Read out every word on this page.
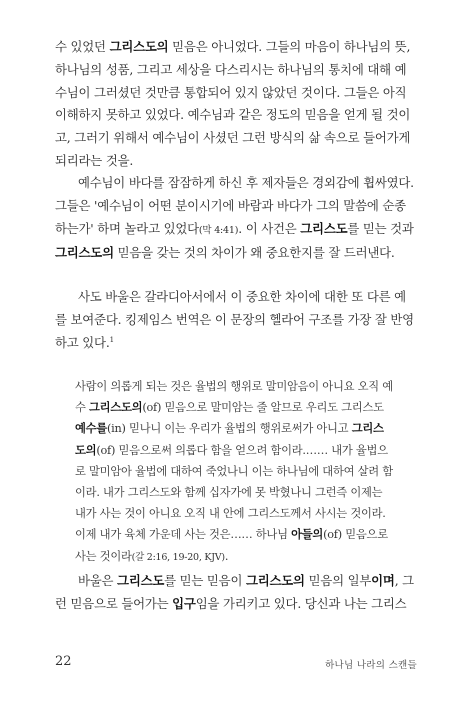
수 있었던 그리스도의 믿음은 아니었다. 그들의 마음이 하나님의 뜻, 하나님의 성품, 그리고 세상을 다스리시는 하나님의 통치에 대해 예수님이 그러셨던 것만큼 통합되어 있지 않았던 것이다. 그들은 아직 이해하지 못하고 있었다. 예수님과 같은 정도의 믿음을 얻게 될 것이고, 그러기 위해서 예수님이 사셨던 그런 방식의 삶 속으로 들어가게 되리라는 것을.

예수님이 바다를 잠잠하게 하신 후 제자들은 경외감에 휩싸였다. 그들은 '예수님이 어떤 분이시기에 바람과 바다가 그의 말씀에 순종하는가' 하며 놀라고 있었다(막 4:41). 이 사건은 그리스도를 믿는 것과 그리스도의 믿음을 갖는 것의 차이가 왜 중요한지를 잘 드러낸다.

사도 바울은 갈라디아서에서 이 중요한 차이에 대한 또 다른 예를 보여준다. 킹제임스 번역은 이 문장의 헬라어 구조를 가장 잘 반영하고 있다.$^1$

사람이 의롭게 되는 것은 율법의 행위로 말미암음이 아니요 오직 예수 그리스도의(of) 믿음으로 말미암는 줄 알므로 우리도 그리스도 예수를(in) 믿나니 이는 우리가 율법의 행위로써가 아니고 그리스도의(of) 믿음으로써 의롭다 함을 얻으려 함이라.…… 내가 율법으로 말미암아 율법에 대하여 죽었나니 이는 하나님에 대하여 살려 함이라. 내가 그리스도와 함께 십자가에 못 박혔나니 그런즉 이제는 내가 사는 것이 아니요 오직 내 안에 그리스도께서 사시는 것이라. 이제 내가 육체 가운데 사는 것은…… 하나님 아들의(of) 믿음으로 사는 것이라(갈 2:16, 19-20, KJV).

바울은 그리스도를 믿는 믿음이 그리스도의 믿음의 일부이며, 그런 믿음으로 들어가는 입구임을 가리키고 있다. 당신과 나는 그리스

22	하나님 나라의 스캔들
